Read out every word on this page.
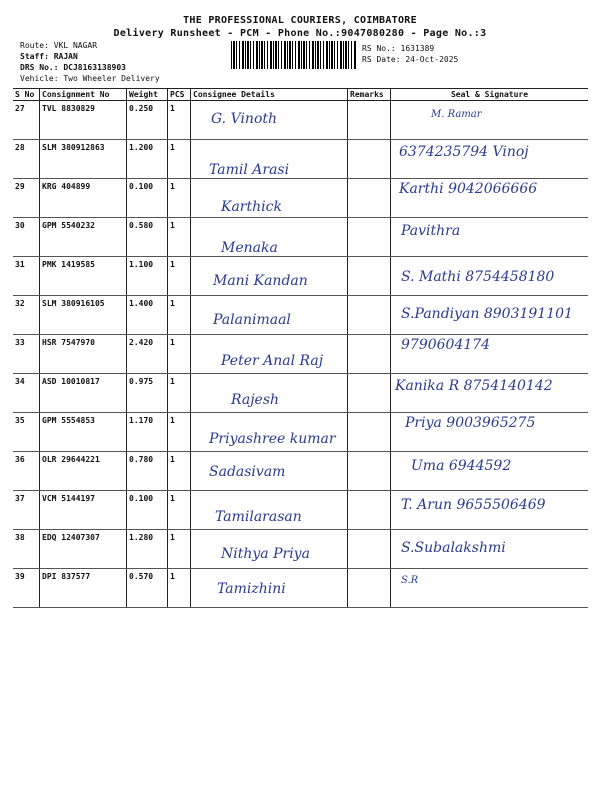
THE PROFESSIONAL COURIERS, COIMBATORE
Delivery Runsheet - PCM - Phone No.:9047080280 - Page No.:3
Route: VKL NAGAR
Staff: RAJAN
DRS No.: DCJ8163138903
Vehicle: Two Wheeler Delivery
RS No.: 1631389
RS Date: 24-Oct-2025
S No	Consignment No	Weight	PCS	Consignee Details	Remarks	Seal & Signature
27	TVL 8830829	0.250	1	G. Vinoth		M. Ramar

28	SLM 380912863	1.200	1	Tamil Arasi		6374235794 Vinoj

29	KRG 404899	0.100	1	Karthick		Karthi 9042066666

30	GPM 5540232	0.580	1	Menaka		Pavithra

31	PMK 1419585	1.100	1	Mani Kandan		S. Mathi 8754458180

32	SLM 380916105	1.400	1	Palanimaal		S.Pandiyan 8903191101

33	HSR 7547970	2.420	1	Peter Anal Raj		9790604174

34	ASD 10010817	0.975	1	Rajesh		Kanika R 8754140142

35	GPM 5554853	1.170	1	Priyashree kumar		Priya 9003965275

36	OLR 29644221	0.780	1	Sadasivam		Uma 6944592

37	VCM 5144197	0.100	1	Tamilarasan		T. Arun 9655506469

38	EDQ 12407307	1.280	1	Nithya Priya		S.Subalakshmi

39	DPI 837577	0.570	1	Tamizhini		S.R
